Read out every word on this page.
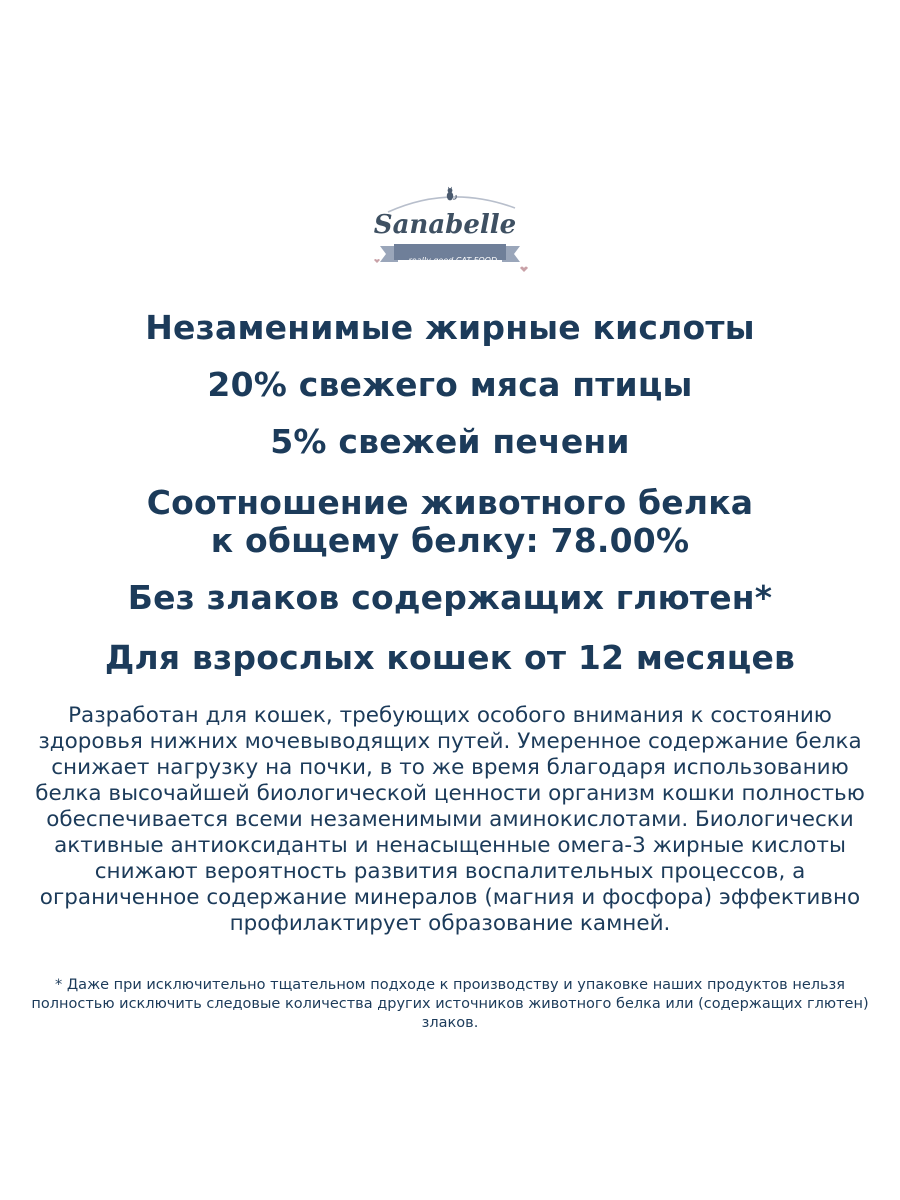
Sanabelle
...really good CAT FOOD

Незаменимые жирные кислоты

20% свежего мяса птицы

5% свежей печени

Соотношение животного белка
к общему белку: 78.00%

Без злаков содержащих глютен*

Для взрослых кошек от 12 месяцев

Разработан для кошек, требующих особого внимания к состоянию здоровья нижних мочевыводящих путей. Умеренное содержание белка снижает нагрузку на почки, в то же время благодаря использованию белка высочайшей биологической ценности организм кошки полностью обеспечивается всеми незаменимыми аминокислотами. Биологически активные антиоксиданты и ненасыщенные омега-3 жирные кислоты снижают вероятность развития воспалительных процессов, а ограниченное содержание минералов (магния и фосфора) эффективно профилактирует образование камней.

* Даже при исключительно тщательном подходе к производству и упаковке наших продуктов нельзя полностью исключить следовые количества других источников животного белка или (содержащих глютен) злаков.
